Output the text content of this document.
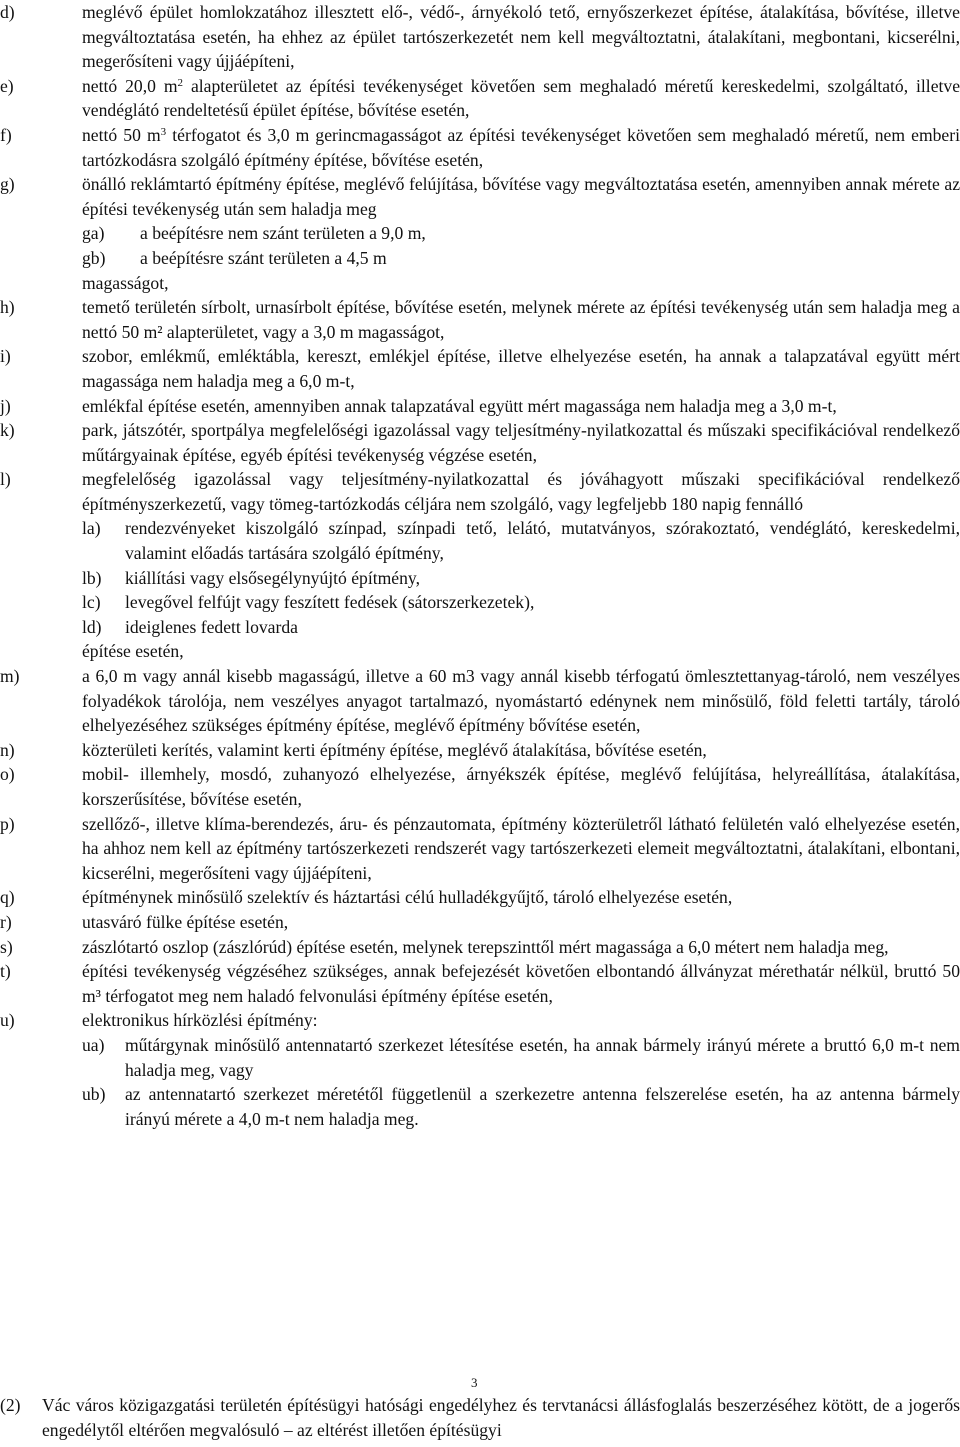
d)	meglévő épület homlokzatához illesztett elő-, védő-, árnyékoló tető, ernyőszerkezet építése, átalakítása, bővítése, illetve megváltoztatása esetén, ha ehhez az épület tartószerkezetét nem kell megváltoztatni, átalakítani, megbontani, kicserélni, megerősíteni vagy újjáépíteni,
e)	nettó 20,0 $m^2$ alapterületet az építési tevékenységet követően sem meghaladó méretű kereskedelmi, szolgáltató, illetve vendéglátó rendeltetésű épület építése, bővítése esetén,
f)	nettó 50 $m^3$ térfogatot és 3,0 m gerincmagasságot az építési tevékenységet követően sem meghaladó méretű, nem emberi tartózkodásra szolgáló építmény építése, bővítése esetén,
g)	önálló reklámtartó építmény építése, meglévő felújítása, bővítése vagy megváltoztatása esetén, amennyiben annak mérete az építési tevékenység után sem haladja meg
ga) a beépítésre nem szánt területen a 9,0 m,
gb) a beépítésre szánt területen a 4,5 m
magasságot,
h)	temető területén sírbolt, urnasírbolt építése, bővítése esetén, melynek mérete az építési tevékenység után sem haladja meg a nettó 50 m² alapterületet, vagy a 3,0 m magasságot,
i)	szobor, emlékmű, emléktábla, kereszt, emlékjel építése, illetve elhelyezése esetén, ha annak a talapzatával együtt mért magassága nem haladja meg a 6,0 m-t,
j)	emlékfal építése esetén, amennyiben annak talapzatával együtt mért magassága nem haladja meg a 3,0 m-t,
k)	park, játszótér, sportpálya megfelelőségi igazolással vagy teljesítmény-nyilatkozattal és műszaki specifikációval rendelkező műtárgyainak építése, egyéb építési tevékenység végzése esetén,
l)	megfelelőség igazolással vagy teljesítmény-nyilatkozattal és jóváhagyott műszaki specifikációval rendelkező építményszerkezetű, vagy tömeg-tartózkodás céljára nem szolgáló, vagy legfeljebb 180 napig fennálló
la) rendezvényeket kiszolgáló színpad, színpadi tető, lelátó, mutatványos, szórakoztató, vendéglátó, kereskedelmi, valamint előadás tartására szolgáló építmény,
lb) kiállítási vagy elsősegélynyújtó építmény,
lc) levegővel felfújt vagy feszített fedések (sátorszerkezetek),
ld) ideiglenes fedett lovarda
építése esetén,
m)	a 6,0 m vagy annál kisebb magasságú, illetve a 60 m3 vagy annál kisebb térfogatú ömlesztettanyag-tároló, nem veszélyes folyadékok tárolója, nem veszélyes anyagot tartalmazó, nyomástartó edénynek nem minősülő, föld feletti tartály, tároló elhelyezéséhez szükséges építmény építése, meglévő építmény bővítése esetén,
n)	közterületi kerítés, valamint kerti építmény építése, meglévő átalakítása, bővítése esetén,
o)	mobil- illemhely, mosdó, zuhanyozó elhelyezése, árnyékszék építése, meglévő felújítása, helyreállítása, átalakítása, korszerűsítése, bővítése esetén,
p)	szellőző-, illetve klíma-berendezés, áru- és pénzautomata, építmény közterületről látható felületén való elhelyezése esetén, ha ahhoz nem kell az építmény tartószerkezeti rendszerét vagy tartószerkezeti elemeit megváltoztatni, átalakítani, elbontani, kicserélni, megerősíteni vagy újjáépíteni,
q)	építménynek minősülő szelektív és háztartási célú hulladékgyűjtő, tároló elhelyezése esetén,
r)	utasváró fülke építése esetén,
s)	zászlótartó oszlop (zászlórúd) építése esetén, melynek terepszinttől mért magassága a 6,0 métert nem haladja meg,
t)	építési tevékenység végzéséhez szükséges, annak befejezését követően elbontandó állványzat mérethatár nélkül, bruttó 50 m³ térfogatot meg nem haladó felvonulási építmény építése esetén,
u)	elektronikus hírközlési építmény:
ua) műtárgynak minősülő antennatartó szerkezet létesítése esetén, ha annak bármely irányú mérete a bruttó 6,0 m-t nem haladja meg, vagy
ub) az antennatartó szerkezet méretétől függetlenül a szerkezetre antenna felszerelése esetén, ha az antenna bármely irányú mérete a 4,0 m-t nem haladja meg.
3
(2)	Vác város közigazgatási területén építésügyi hatósági engedélyhez és tervtanácsi állásfoglalás beszerzéséhez kötött, de a jogerős engedélytől eltérően megvalósuló – az eltérést illetően építésügyi
